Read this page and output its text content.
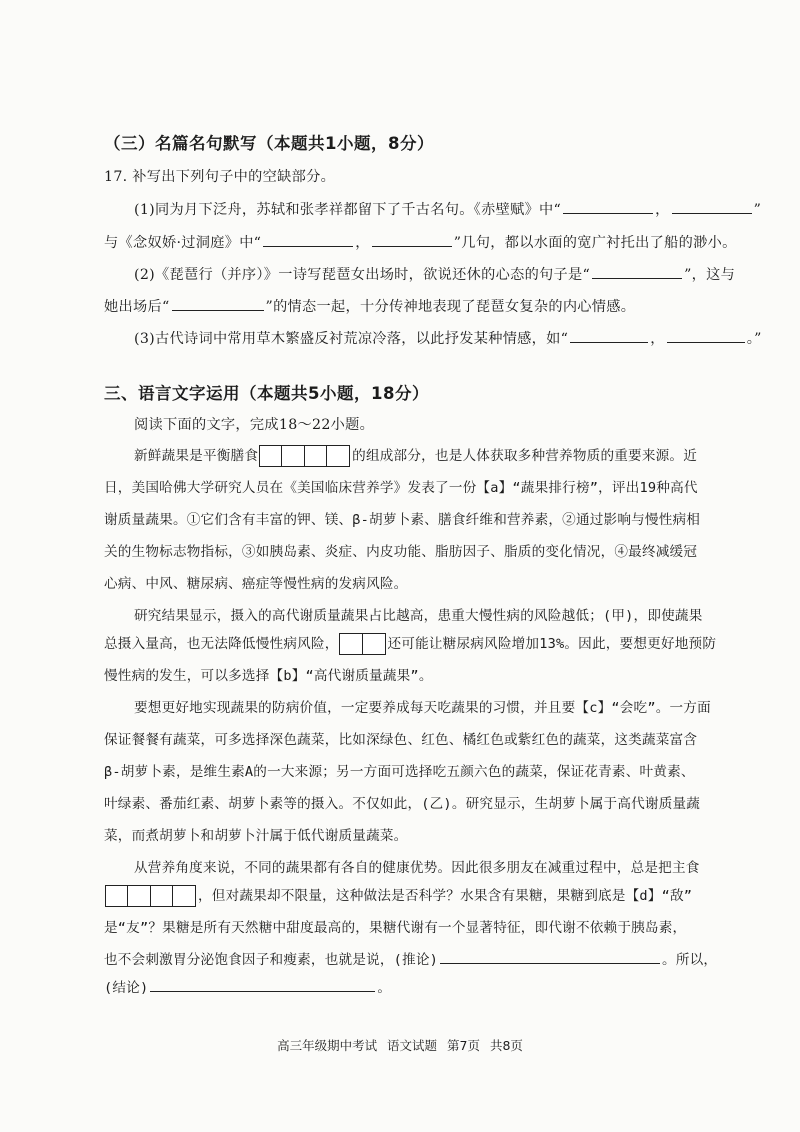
（三）名篇名句默写（本题共1小题，8分）
17. 补写出下列句子中的空缺部分。
(1)同为月下泛舟，苏轼和张孝祥都留下了千古名句。《赤壁赋》中“	，	”
与《念奴娇·过洞庭》中“	，	”几句，都以水面的宽广衬托出了船的渺小。
(2)《琵琶行（并序）》一诗写琵琶女出场时，欲说还休的心态的句子是“	”，这与
她出场后“	”的情态一起，十分传神地表现了琵琶女复杂的内心情感。
(3)古代诗词中常用草木繁盛反衬荒凉冷落，以此抒发某种情感，如“	，	。”
三、语言文字运用（本题共5小题，18分）
阅读下面的文字，完成18～22小题。
新鲜蔬果是平衡膳食	的组成部分，也是人体获取多种营养物质的重要来源。近
日，美国哈佛大学研究人员在《美国临床营养学》发表了一份【a】“蔬果排行榜”，评出19种高代
谢质量蔬果。①它们含有丰富的钾、镁、β-胡萝卜素、膳食纤维和营养素，②通过影响与慢性病相
关的生物标志物指标，③如胰岛素、炎症、内皮功能、脂肪因子、脂质的变化情况，④最终减缓冠
心病、中风、糖尿病、癌症等慢性病的发病风险。
研究结果显示，摄入的高代谢质量蔬果占比越高，患重大慢性病的风险越低；(甲)，即使蔬果
总摄入量高，也无法降低慢性病风险，	还可能让糖尿病风险增加13%。因此，要想更好地预防
慢性病的发生，可以多选择【b】“高代谢质量蔬果”。
要想更好地实现蔬果的防病价值，一定要养成每天吃蔬果的习惯，并且要【c】“会吃”。一方面
保证餐餐有蔬菜，可多选择深色蔬菜，比如深绿色、红色、橘红色或紫红色的蔬菜，这类蔬菜富含
β-胡萝卜素，是维生素A的一大来源；另一方面可选择吃五颜六色的蔬菜，保证花青素、叶黄素、
叶绿素、番茄红素、胡萝卜素等的摄入。不仅如此，(乙)。研究显示，生胡萝卜属于高代谢质量蔬
菜，而煮胡萝卜和胡萝卜汁属于低代谢质量蔬菜。
从营养角度来说，不同的蔬果都有各自的健康优势。因此很多朋友在减重过程中，总是把主食
，但对蔬果却不限量，这种做法是否科学？水果含有果糖，果糖到底是【d】“敌”
是“友”？果糖是所有天然糖中甜度最高的，果糖代谢有一个显著特征，即代谢不依赖于胰岛素，
也不会刺激胃分泌饱食因子和瘦素，也就是说，(推论)	。所以，
(结论)	。
高三年级期中考试 语文试题 第7页 共8页
